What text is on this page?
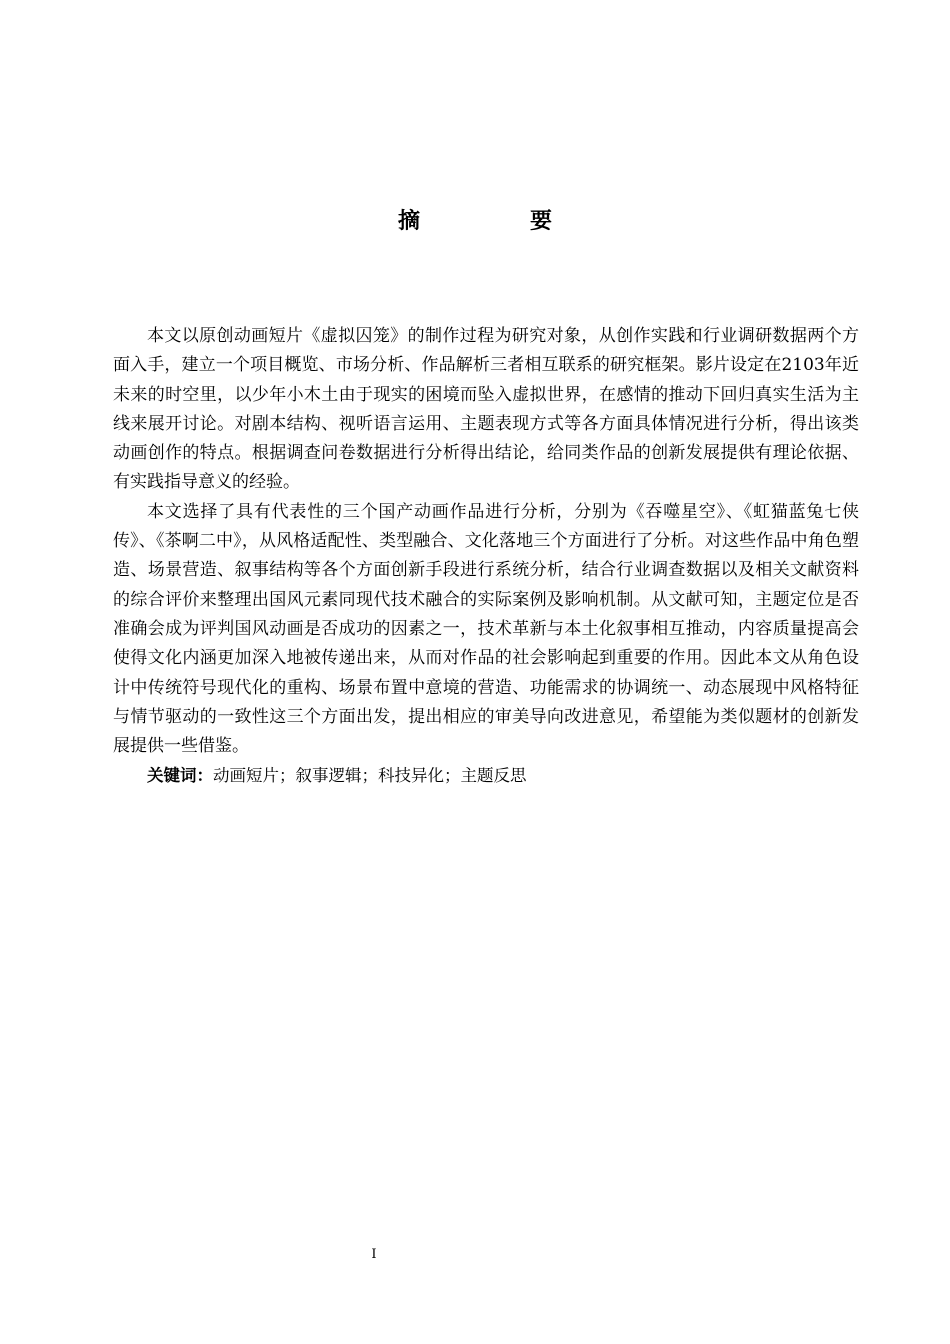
摘　要

本文以原创动画短片《虚拟囚笼》的制作过程为研究对象，从创作实践和行业调研数据两个方面入手，建立一个项目概览、市场分析、作品解析三者相互联系的研究框架。影片设定在2103年近未来的时空里，以少年小木土由于现实的困境而坠入虚拟世界，在感情的推动下回归真实生活为主线来展开讨论。对剧本结构、视听语言运用、主题表现方式等各方面具体情况进行分析，得出该类动画创作的特点。根据调查问卷数据进行分析得出结论，给同类作品的创新发展提供有理论依据、有实践指导意义的经验。

本文选择了具有代表性的三个国产动画作品进行分析，分别为《吞噬星空》、《虹猫蓝兔七侠传》、《茶啊二中》，从风格适配性、类型融合、文化落地三个方面进行了分析。对这些作品中角色塑造、场景营造、叙事结构等各个方面创新手段进行系统分析，结合行业调查数据以及相关文献资料的综合评价来整理出国风元素同现代技术融合的实际案例及影响机制。从文献可知，主题定位是否准确会成为评判国风动画是否成功的因素之一，技术革新与本土化叙事相互推动，内容质量提高会使得文化内涵更加深入地被传递出来，从而对作品的社会影响起到重要的作用。因此本文从角色设计中传统符号现代化的重构、场景布置中意境的营造、功能需求的协调统一、动态展现中风格特征与情节驱动的一致性这三个方面出发，提出相应的审美导向改进意见，希望能为类似题材的创新发展提供一些借鉴。

关键词：动画短片；叙事逻辑；科技异化；主题反思

I
